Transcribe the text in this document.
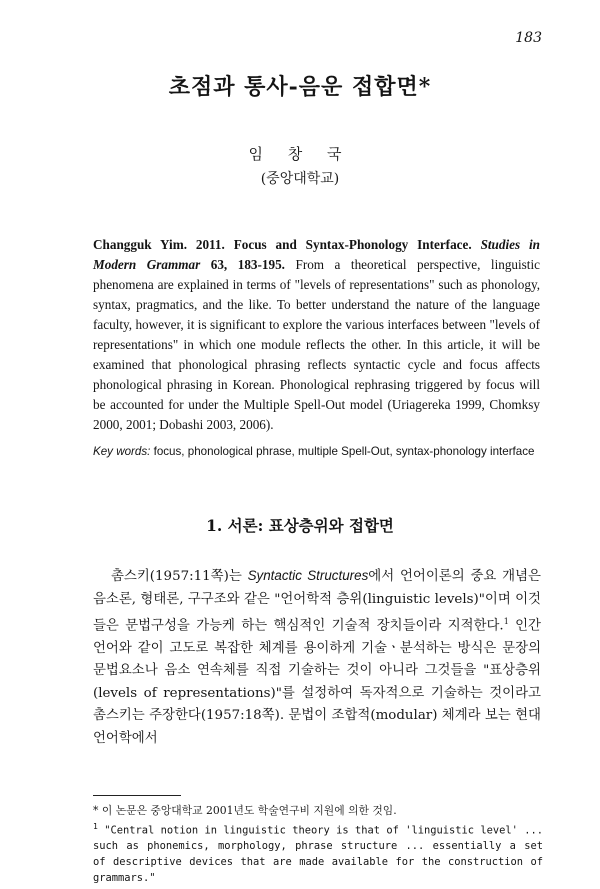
183
초점과 통사-음운 접합면*
임 창 국
(중앙대학교)

Changguk Yim. 2011. Focus and Syntax-Phonology Interface. Studies in Modern Grammar 63, 183-195. From a theoretical perspective, linguistic phenomena are explained in terms of "levels of representations" such as phonology, syntax, pragmatics, and the like. To better understand the nature of the language faculty, however, it is significant to explore the various interfaces between "levels of representations" in which one module reflects the other. In this article, it will be examined that phonological phrasing reflects syntactic cycle and focus affects phonological phrasing in Korean. Phonological rephrasing triggered by focus will be accounted for under the Multiple Spell-Out model (Uriagereka 1999, Chomksy 2000, 2001; Dobashi 2003, 2006).

Key words: focus, phonological phrase, multiple Spell-Out, syntax-phonology interface

1. 서론: 표상층위와 접합면

촘스키(1957:11쪽)는 Syntactic Structures에서 언어이론의 중요 개념은 음소론, 형태론, 구구조와 같은 "언어학적 층위(linguistic levels)"이며 이것들은 문법구성을 가능케 하는 핵심적인 기술적 장치들이라 지적한다.$^1$ 인간 언어와 같이 고도로 복잡한 체계를 용이하게 기술ㆍ분석하는 방식은 문장의 문법요소나 음소 연속체를 직접 기술하는 것이 아니라 그것들을 "표상층위(levels of representations)"를 설정하여 독자적으로 기술하는 것이라고 촘스키는 주장한다(1957:18쪽). 문법이 조합적(modular) 체계라 보는 현대 언어학에서

* 이 논문은 중앙대학교 2001년도 학술연구비 지원에 의한 것임.

$^1$ "Central notion in linguistic theory is that of 'linguistic level' ... such as phonemics, morphology, phrase structure ... essentially a set of descriptive devices that are made available for the construction of grammars."
